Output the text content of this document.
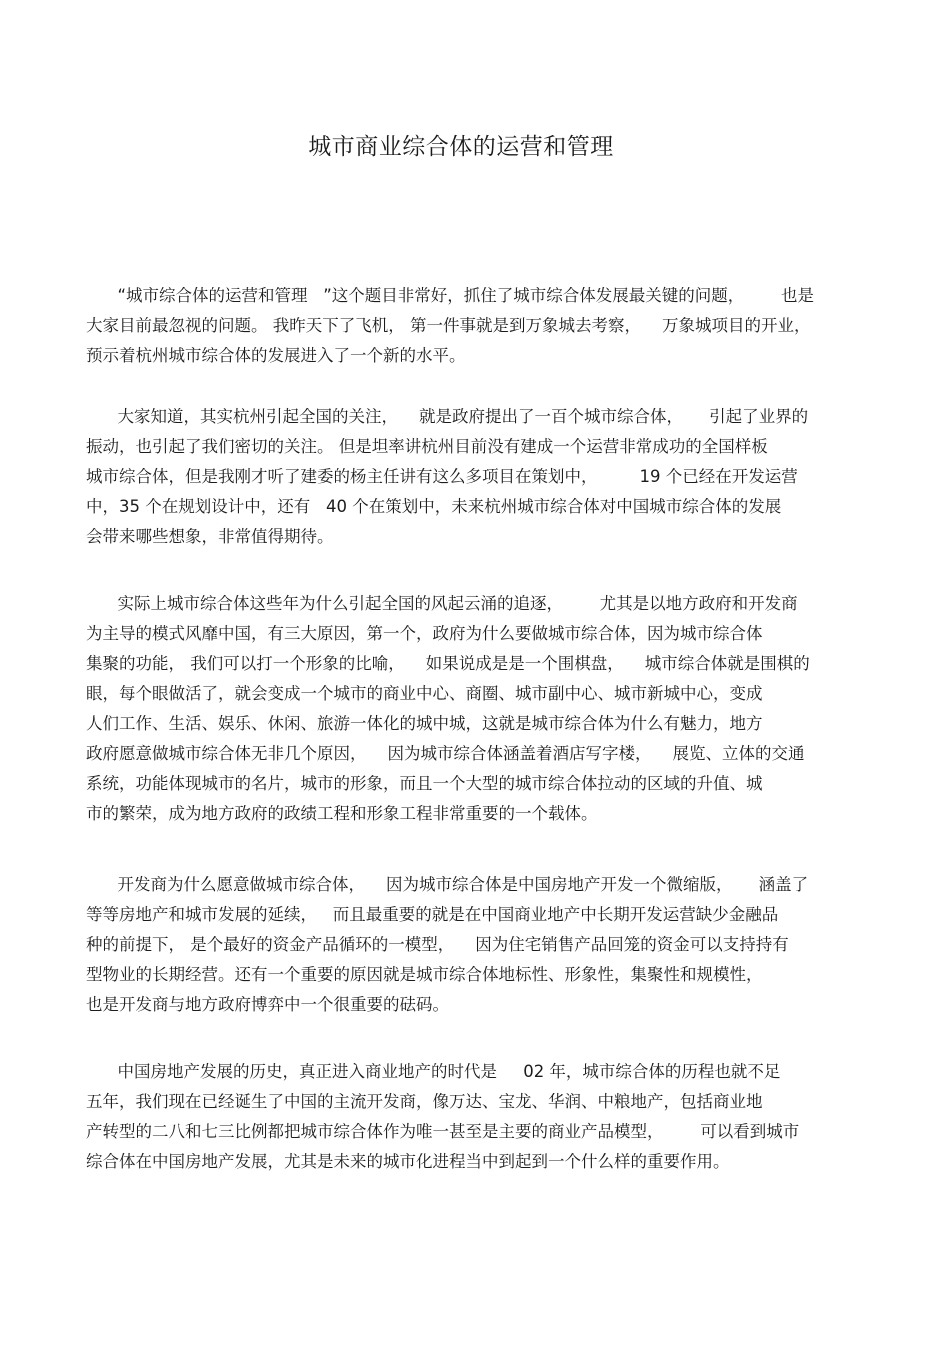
城市商业综合体的运营和管理
“城市综合体的运营和管理   ”这个题目非常好，抓住了城市综合体发展最关键的问题，       也是
大家目前最忽视的问题。 我昨天下了飞机， 第一件事就是到万象城去考察，    万象城项目的开业，
预示着杭州城市综合体的发展进入了一个新的水平。
大家知道，其实杭州引起全国的关注，    就是政府提出了一百个城市综合体，     引起了业界的
振动，也引起了我们密切的关注。 但是坦率讲杭州目前没有建成一个运营非常成功的全国样板
城市综合体，但是我刚才听了建委的杨主任讲有这么多项目在策划中，        19 个已经在开发运营
中，35 个在规划设计中，还有   40 个在策划中，未来杭州城市综合体对中国城市综合体的发展
会带来哪些想象，非常值得期待。
实际上城市综合体这些年为什么引起全国的风起云涌的追逐，       尤其是以地方政府和开发商
为主导的模式风靡中国，有三大原因，第一个，政府为什么要做城市综合体，因为城市综合体
集聚的功能， 我们可以打一个形象的比喻，    如果说成是是一个围棋盘，    城市综合体就是围棋的
眼，每个眼做活了，就会变成一个城市的商业中心、商圈、城市副中心、城市新城中心，变成
人们工作、生活、娱乐、休闲、旅游一体化的城中城，这就是城市综合体为什么有魅力，地方
政府愿意做城市综合体无非几个原因，    因为城市综合体涵盖着酒店写字楼，    展览、立体的交通
系统，功能体现城市的名片，城市的形象，而且一个大型的城市综合体拉动的区域的升值、城
市的繁荣，成为地方政府的政绩工程和形象工程非常重要的一个载体。
开发商为什么愿意做城市综合体，    因为城市综合体是中国房地产开发一个微缩版，     涵盖了
等等房地产和城市发展的延续，   而且最重要的就是在中国商业地产中长期开发运营缺少金融品
种的前提下， 是个最好的资金产品循环的一模型，    因为住宅销售产品回笼的资金可以支持持有
型物业的长期经营。还有一个重要的原因就是城市综合体地标性、形象性，集聚性和规模性，
也是开发商与地方政府博弈中一个很重要的砝码。
中国房地产发展的历史，真正进入商业地产的时代是     02 年，城市综合体的历程也就不足
五年，我们现在已经诞生了中国的主流开发商，像万达、宝龙、华润、中粮地产，包括商业地
产转型的二八和七三比例都把城市综合体作为唯一甚至是主要的商业产品模型，       可以看到城市
综合体在中国房地产发展，尤其是未来的城市化进程当中到起到一个什么样的重要作用。
